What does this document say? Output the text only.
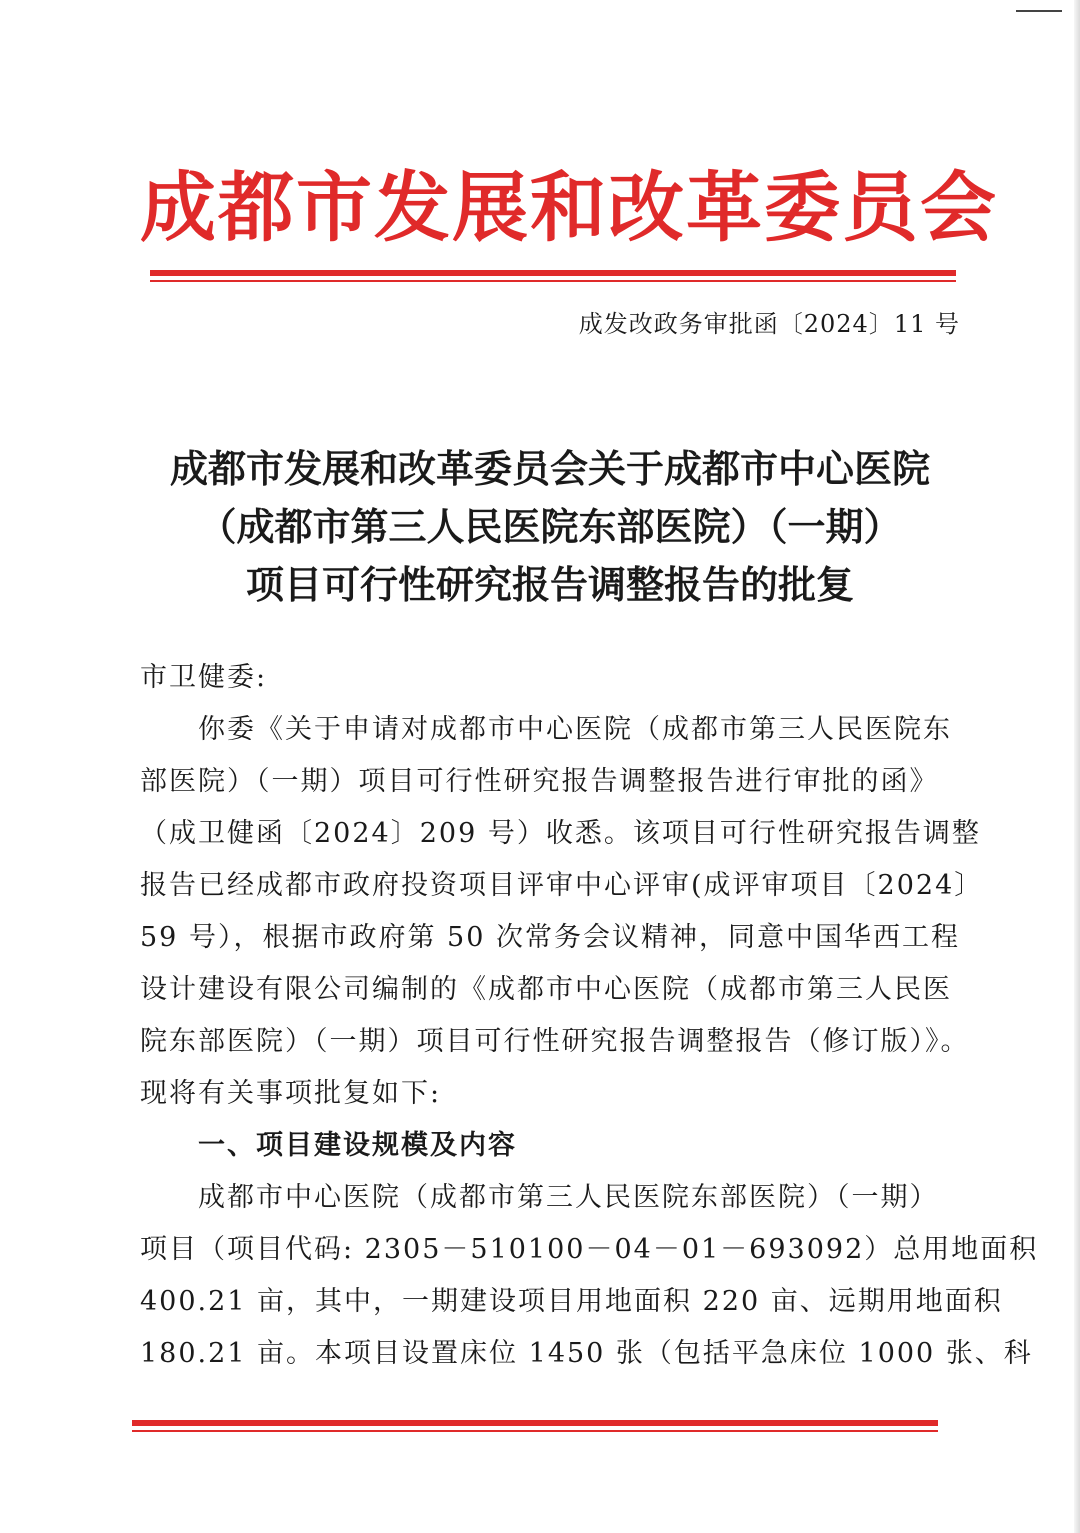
成都市发展和改革委员会
成发改政务审批函〔2024〕11 号
成都市发展和改革委员会关于成都市中心医院
（成都市第三人民医院东部医院）（一期）
项目可行性研究报告调整报告的批复
市卫健委:
你委《关于申请对成都市中心医院（成都市第三人民医院东
部医院）（一期）项目可行性研究报告调整报告进行审批的函》
（成卫健函〔2024〕209 号）收悉。该项目可行性研究报告调整
报告已经成都市政府投资项目评审中心评审(成评审项目〔2024〕
59 号），根据市政府第 50 次常务会议精神，同意中国华西工程
设计建设有限公司编制的《成都市中心医院（成都市第三人民医
院东部医院）（一期）项目可行性研究报告调整报告（修订版）》。
现将有关事项批复如下:
一、项目建设规模及内容
成都市中心医院（成都市第三人民医院东部医院）（一期）
项目（项目代码: 2305－510100－04－01－693092）总用地面积
400.21 亩，其中，一期建设项目用地面积 220 亩、远期用地面积
180.21 亩。本项目设置床位 1450 张（包括平急床位 1000 张、科
